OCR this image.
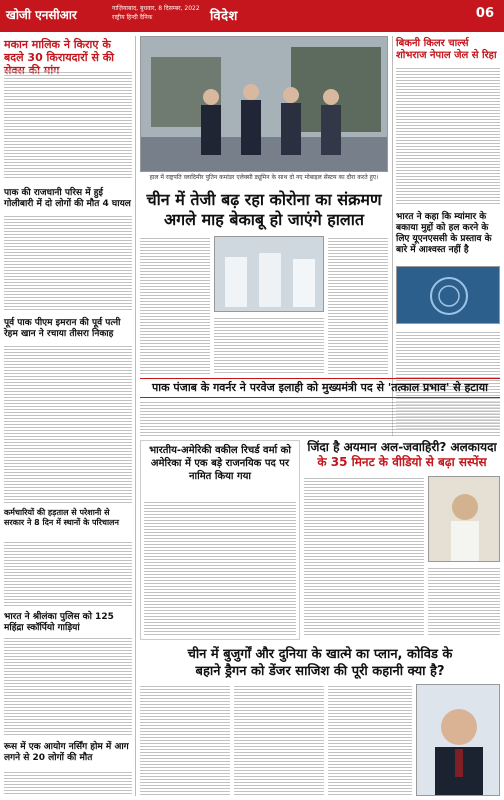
खोजी एनसीआर	गाज़ियाबाद, बुधवार, 8 दिसम्बर, 2022
राष्ट्रीय हिन्दी दैनिक	विदेश	06
मकान मालिक ने किराए के बदले 30 किरायदारों से की सेक्स की मांग
पाक की राजधानी परिस में हुई गोलीबारी में दो लोगों की मौत 4 घायल
पूर्व पाक पीएम इमरान की पूर्व पत्नी रेहम खान ने रचाया तीसरा निकाह
कर्मचारियों की हड़ताल से परेशानी से सरकार ने 8 दिन में स्थानों के परिचालन
भारत ने श्रीलंका पुलिस को 125 महिंद्रा स्कॉर्पियो गाड़ियां
रूस में एक आयोग नर्सिंग होम में आग लगने से 20 लोगों की मौत
हाल में राष्ट्रपति व्लादिमीर पुतिन कमांडर एलेक्सी ड्यूमिन के साथ दो नए मोबाइल सेंस्टम का दौरा करते हुए।
बिकनी किलर चार्ल्स शोभराज नेपाल जेल से रिहा
भारत ने कहा कि म्यांमार के बकाया मुद्दों को हल करने के लिए यूएनएससी के प्रस्ताव के बारे में आश्वस्त नहीं है
चीन में तेजी बढ़ रहा कोरोना का संक्रमण
अगले माह बेकाबू हो जाएंगे हालात
पाक पंजाब के गवर्नर ने परवेज इलाही को मुख्यमंत्री पद से 'तत्काल प्रभाव' से हटाया
भारतीय-अमेरिकी वकील रिचर्ड वर्मा को अमेरिका में एक बड़े राजनयिक पद पर नामित किया गया
जिंदा है अयमान अल-जवाहिरी? अलकायदा
के 35 मिनट के वीडियो से बढ़ा सस्पेंस
चीन में बुजुर्गों और दुनिया के खात्मे का प्लान, कोविड के
बहाने ड्रैगन को डेंजर साजिश की पूरी कहानी क्या है?
